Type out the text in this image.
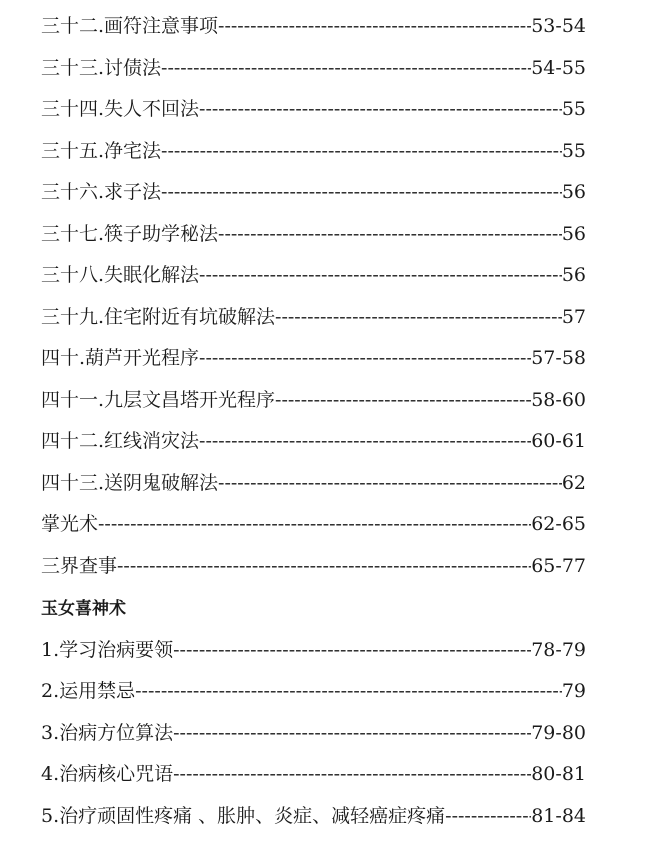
三十二.画符注意事项 -----	53-54
三十三.讨债法 -----	54-55
三十四.失人不回法 -----	55
三十五.净宅法 -----	55
三十六.求子法 -----	56
三十七.筷子助学秘法 -----	56
三十八.失眠化解法 -----	56
三十九.住宅附近有坑破解法 -----	57
四十.葫芦开光程序 -----	57-58
四十一.九层文昌塔开光程序 -----	58-60
四十二.红线消灾法 -----	60-61
四十三.送阴鬼破解法 -----	62
掌光术 -----	62-65
三界查事 -----	65-77
玉女喜神术
1.学习治病要领 -----	78-79
2.运用禁忌 -----	79
3.治病方位算法 -----	79-80
4.治病核心咒语 -----	80-81
5.治疗顽固性疼痛 、胀肿、炎症、减轻癌症疼痛 -----	81-84
